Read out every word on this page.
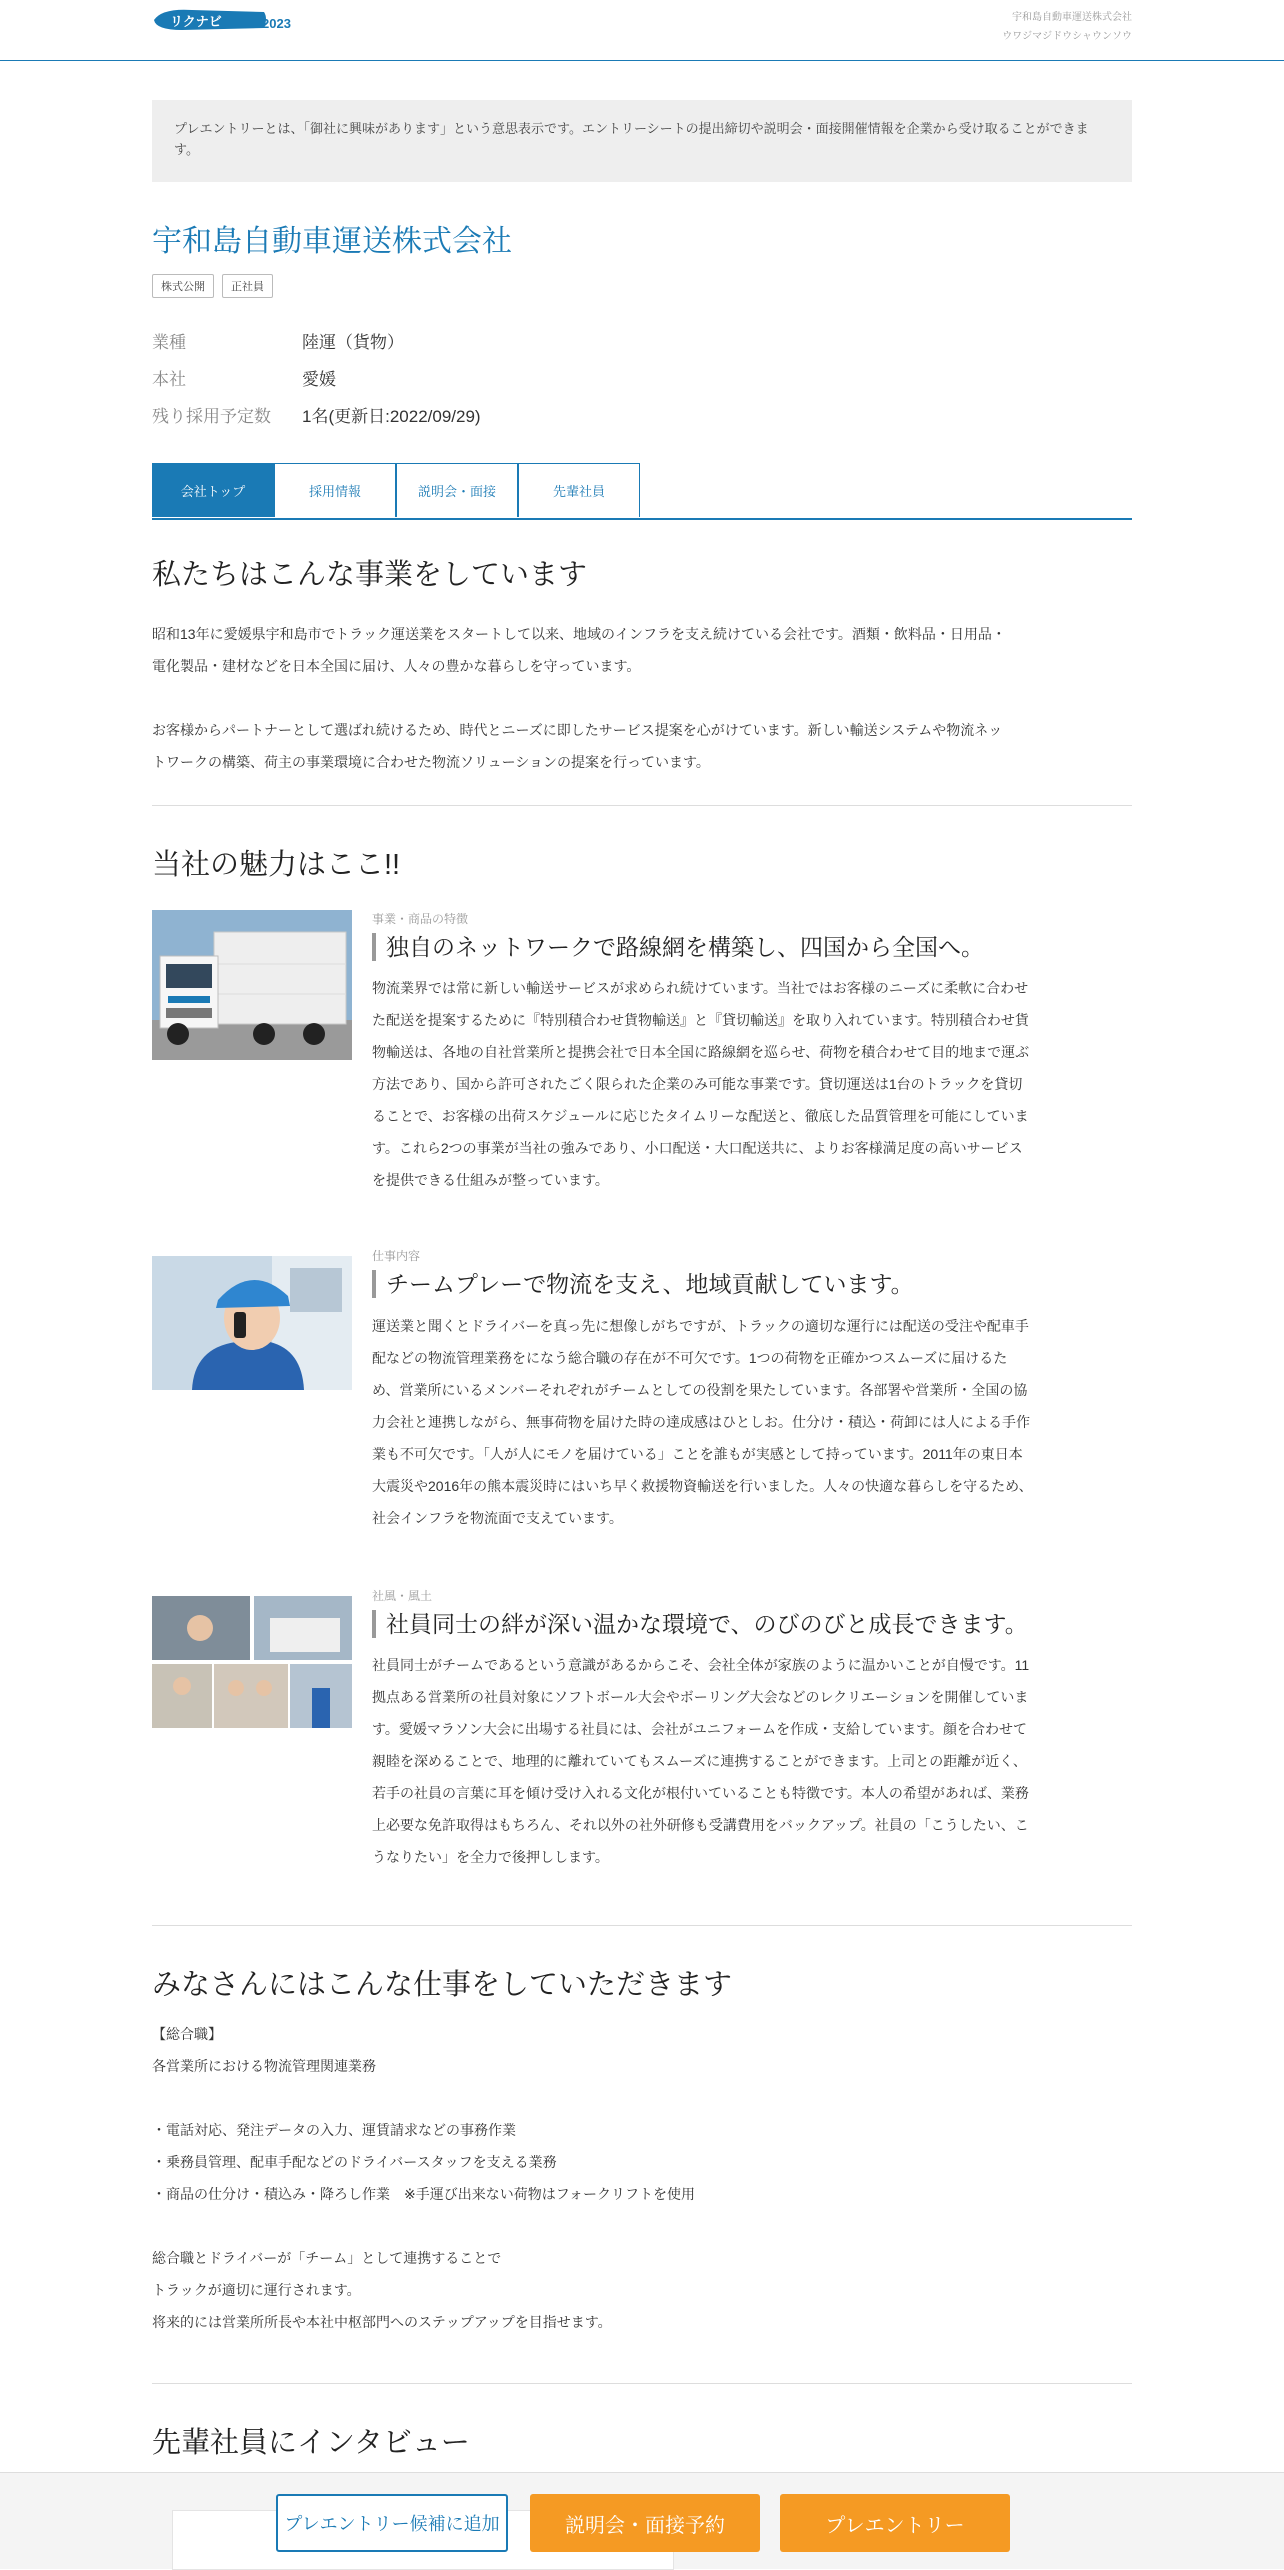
リクナビ	2023	宇和島自動車運送株式会社
ウワジマジドウシャウンソウ
プレエントリーとは、「御社に興味があります」という意思表示です。エントリーシートの提出締切や説明会・面接開催情報を企業から受け取ることができます。
宇和島自動車運送株式会社
株式公開	正社員
業種	陸運（貨物）
本社	愛媛
残り採用予定数	1名(更新日:2022/09/29)
会社トップ	採用情報	説明会・面接	先輩社員
私たちはこんな事業をしています
昭和13年に愛媛県宇和島市でトラック運送業をスタートして以来、地域のインフラを支え続けている会社です。酒類・飲料品・日用品・
電化製品・建材などを日本全国に届け、人々の豊かな暮らしを守っています。
お客様からパートナーとして選ばれ続けるため、時代とニーズに即したサービス提案を心がけています。新しい輸送システムや物流ネッ
トワークの構築、荷主の事業環境に合わせた物流ソリューションの提案を行っています。
当社の魅力はここ!!
事業・商品の特徴
独自のネットワークで路線網を構築し、四国から全国へ。
物流業界では常に新しい輸送サービスが求められ続けています。当社ではお客様のニーズに柔軟に合わせ
た配送を提案するために『特別積合わせ貨物輸送』と『貸切輸送』を取り入れています。特別積合わせ貨
物輸送は、各地の自社営業所と提携会社で日本全国に路線網を巡らせ、荷物を積合わせて目的地まで運ぶ
方法であり、国から許可されたごく限られた企業のみ可能な事業です。貸切運送は1台のトラックを貸切
ることで、お客様の出荷スケジュールに応じたタイムリーな配送と、徹底した品質管理を可能にしていま
す。これら2つの事業が当社の強みであり、小口配送・大口配送共に、よりお客様満足度の高いサービス
を提供できる仕組みが整っています。
仕事内容
チームプレーで物流を支え、地域貢献しています。
運送業と聞くとドライバーを真っ先に想像しがちですが、トラックの適切な運行には配送の受注や配車手
配などの物流管理業務をになう総合職の存在が不可欠です。1つの荷物を正確かつスムーズに届けるた
め、営業所にいるメンバーそれぞれがチームとしての役割を果たしています。各部署や営業所・全国の協
力会社と連携しながら、無事荷物を届けた時の達成感はひとしお。仕分け・積込・荷卸には人による手作
業も不可欠です。「人が人にモノを届けている」ことを誰もが実感として持っています。2011年の東日本
大震災や2016年の熊本震災時にはいち早く救援物資輸送を行いました。人々の快適な暮らしを守るため、
社会インフラを物流面で支えています。
社風・風土
社員同士の絆が深い温かな環境で、のびのびと成長できます。
社員同士がチームであるという意識があるからこそ、会社全体が家族のように温かいことが自慢です。11
拠点ある営業所の社員対象にソフトボール大会やボーリング大会などのレクリエーションを開催していま
す。愛媛マラソン大会に出場する社員には、会社がユニフォームを作成・支給しています。顔を合わせて
親睦を深めることで、地理的に離れていてもスムーズに連携することができます。上司との距離が近く、
若手の社員の言葉に耳を傾け受け入れる文化が根付いていることも特徴です。本人の希望があれば、業務
上必要な免許取得はもちろん、それ以外の社外研修も受講費用をバックアップ。社員の「こうしたい、こ
うなりたい」を全力で後押しします。
みなさんにはこんな仕事をしていただきます
【総合職】
各営業所における物流管理関連業務
・電話対応、発注データの入力、運賃請求などの事務作業
・乗務員管理、配車手配などのドライバースタッフを支える業務
・商品の仕分け・積込み・降ろし作業　※手運び出来ない荷物はフォークリフトを使用
総合職とドライバーが「チーム」として連携することで
トラックが適切に運行されます。
将来的には営業所所長や本社中枢部門へのステップアップを目指せます。
先輩社員にインタビュー
プレエントリー候補に追加	説明会・面接予約	プレエントリー
